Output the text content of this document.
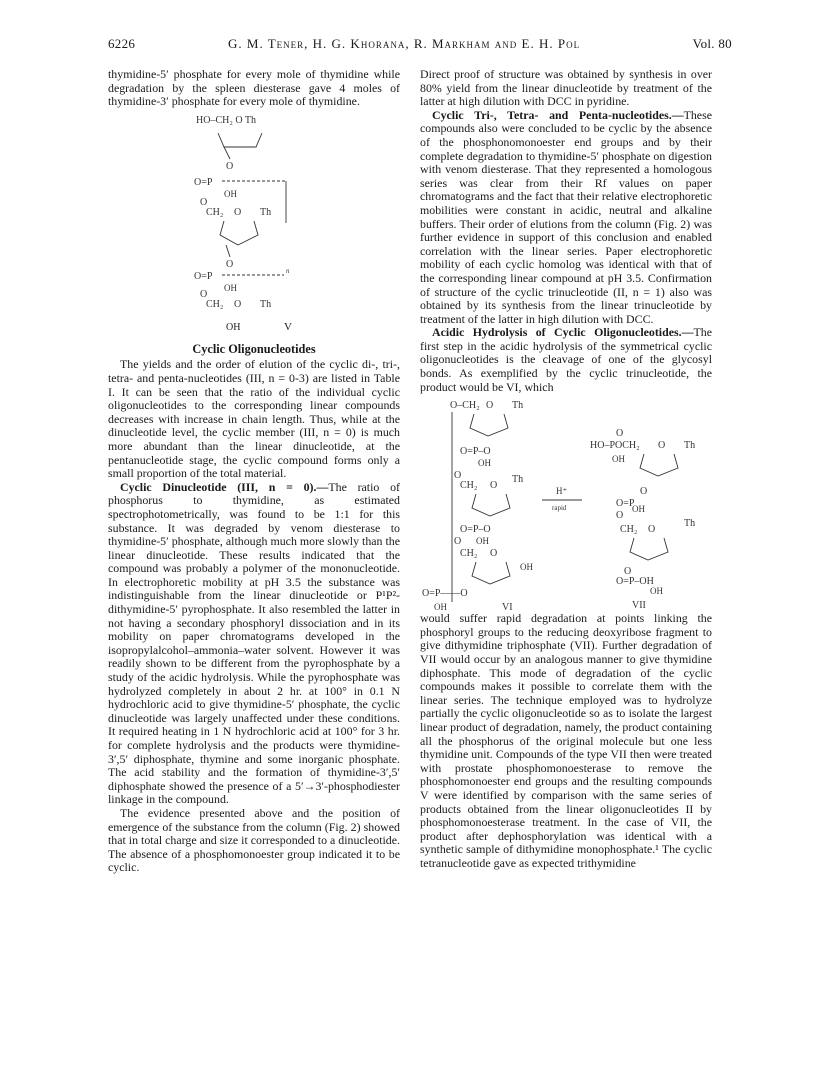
6226	G. M. Tener, H. G. Khorana, R. Markham and E. H. Pol	Vol. 80

thymidine-5′ phosphate for every mole of thymidine while degradation by the spleen diesterase gave 4 moles of thymidine-3′ phosphate for every mole of thymidine.

HO–CH₂ O Th
O
O=P
OH
O
CH₂ O Th
O
O=P	n
OH
O
CH₂ O Th
OH	V

Cyclic Oligonucleotides

The yields and the order of elution of the cyclic di-, tri-, tetra- and penta-nucleotides (III, n = 0-3) are listed in Table I. It can be seen that the ratio of the individual cyclic oligonucleotides to the corresponding linear compounds decreases with increase in chain length. Thus, while at the dinucleotide level, the cyclic member (III, n = 0) is much more abundant than the linear dinucleotide, at the pentanucleotide stage, the cyclic compound forms only a small proportion of the total material.

Cyclic Dinucleotide (III, n = 0).—The ratio of phosphorus to thymidine, as estimated spectrophotometrically, was found to be 1:1 for this substance. It was degraded by venom diesterase to thymidine-5′ phosphate, although much more slowly than the linear dinucleotide. These results indicated that the compound was probably a polymer of the mononucleotide. In electrophoretic mobility at pH 3.5 the substance was indistinguishable from the linear dinucleotide or P¹P²-dithymidine-5′ pyrophosphate. It also resembled the latter in not having a secondary phosphoryl dissociation and in its mobility on paper chromatograms developed in the isopropylalcohol–ammonia–water solvent. However it was readily shown to be different from the pyrophosphate by a study of the acidic hydrolysis. While the pyrophosphate was hydrolyzed completely in about 2 hr. at 100° in 0.1 N hydrochloric acid to give thymidine-5′ phosphate, the cyclic dinucleotide was largely unaffected under these conditions. It required heating in 1 N hydrochloric acid at 100° for 3 hr. for complete hydrolysis and the products were thymidine-3′,5′ diphosphate, thymine and some inorganic phosphate. The acid stability and the formation of thymidine-3′,5′ diphosphate showed the presence of a 5′→3′-phosphodiester linkage in the compound.

The evidence presented above and the position of emergence of the substance from the column (Fig. 2) showed that in total charge and size it corresponded to a dinucleotide. The absence of a phosphomonoester group indicated it to be cyclic.

Direct proof of structure was obtained by synthesis in over 80% yield from the linear dinucleotide by treatment of the latter at high dilution with DCC in pyridine.

Cyclic Tri-, Tetra- and Penta-nucleotides.—These compounds also were concluded to be cyclic by the absence of the phosphonomonoester end groups and by their complete degradation to thymidine-5′ phosphate on digestion with venom diesterase. That they represented a homologous series was clear from their Rf values on paper chromatograms and the fact that their relative electrophoretic mobilities were constant in acidic, neutral and alkaline buffers. Their order of elutions from the column (Fig. 2) was further evidence in support of this conclusion and enabled correlation with the linear series. Paper electrophoretic mobility of each cyclic homolog was identical with that of the corresponding linear compound at pH 3.5. Confirmation of structure of the cyclic trinucleotide (II, n = 1) also was obtained by its synthesis from the linear trinucleotide by treatment of the latter in high dilution with DCC.

Acidic Hydrolysis of Cyclic Oligonucleotides.—The first step in the acidic hydrolysis of the symmetrical cyclic oligonucleotides is the cleavage of one of the glycosyl bonds. As exemplified by the cyclic trinucleotide, the product would be VI, which

O–CH₂ O Th
O=P–O
OH
O
CH₂ O
Th
O=P–O
O OH
CH₂ O
OH
O=P——O
OH	VI
H⁺
rapid
O
HO–POCH₂ O Th
OH
O
O=P
O
OH
CH₂ O
Th
O
O=P–OH
OH
VII

would suffer rapid degradation at points linking the phosphoryl groups to the reducing deoxyribose fragment to give dithymidine triphosphate (VII). Further degradation of VII would occur by an analogous manner to give thymidine diphosphate. This mode of degradation of the cyclic compounds makes it possible to correlate them with the linear series. The technique employed was to hydrolyze partially the cyclic oligonucleotide so as to isolate the largest linear product of degradation, namely, the product containing all the phosphorus of the original molecule but one less thymidine unit. Compounds of the type VII then were treated with prostate phosphomonoesterase to remove the phosphomonoester end groups and the resulting compounds V were identified by comparison with the same series of products obtained from the linear oligonucleotides II by phosphomonoesterase treatment. In the case of VII, the product after dephosphorylation was identical with a synthetic sample of dithymidine monophosphate.¹ The cyclic tetranucleotide gave as expected trithymidine
